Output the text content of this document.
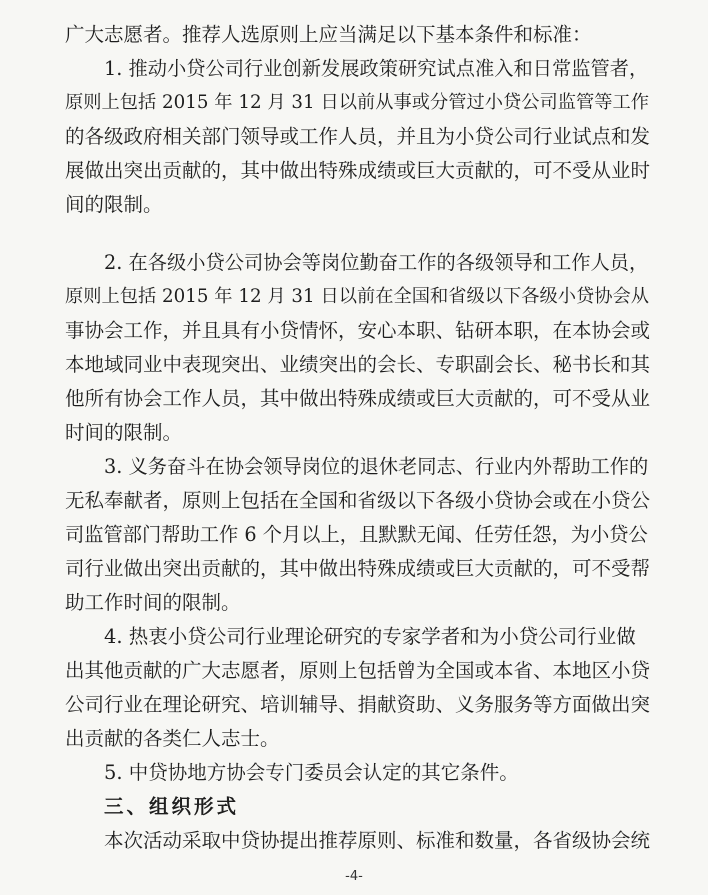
广大志愿者。推荐人选原则上应当满足以下基本条件和标准：
1. 推动小贷公司行业创新发展政策研究试点准入和日常监管者，
原则上包括 2015 年 12 月 31 日以前从事或分管过小贷公司监管等工作
的各级政府相关部门领导或工作人员，并且为小贷公司行业试点和发
展做出突出贡献的，其中做出特殊成绩或巨大贡献的，可不受从业时
间的限制。
2. 在各级小贷公司协会等岗位勤奋工作的各级领导和工作人员，
原则上包括 2015 年 12 月 31 日以前在全国和省级以下各级小贷协会从
事协会工作，并且具有小贷情怀，安心本职、钻研本职，在本协会或
本地域同业中表现突出、业绩突出的会长、专职副会长、秘书长和其
他所有协会工作人员，其中做出特殊成绩或巨大贡献的，可不受从业
时间的限制。
3. 义务奋斗在协会领导岗位的退休老同志、行业内外帮助工作的
无私奉献者，原则上包括在全国和省级以下各级小贷协会或在小贷公
司监管部门帮助工作 6 个月以上，且默默无闻、任劳任怨，为小贷公
司行业做出突出贡献的，其中做出特殊成绩或巨大贡献的，可不受帮
助工作时间的限制。
4. 热衷小贷公司行业理论研究的专家学者和为小贷公司行业做
出其他贡献的广大志愿者，原则上包括曾为全国或本省、本地区小贷
公司行业在理论研究、培训辅导、捐献资助、义务服务等方面做出突
出贡献的各类仁人志士。
5. 中贷协地方协会专门委员会认定的其它条件。
三、组织形式
本次活动采取中贷协提出推荐原则、标准和数量，各省级协会统
-4-
